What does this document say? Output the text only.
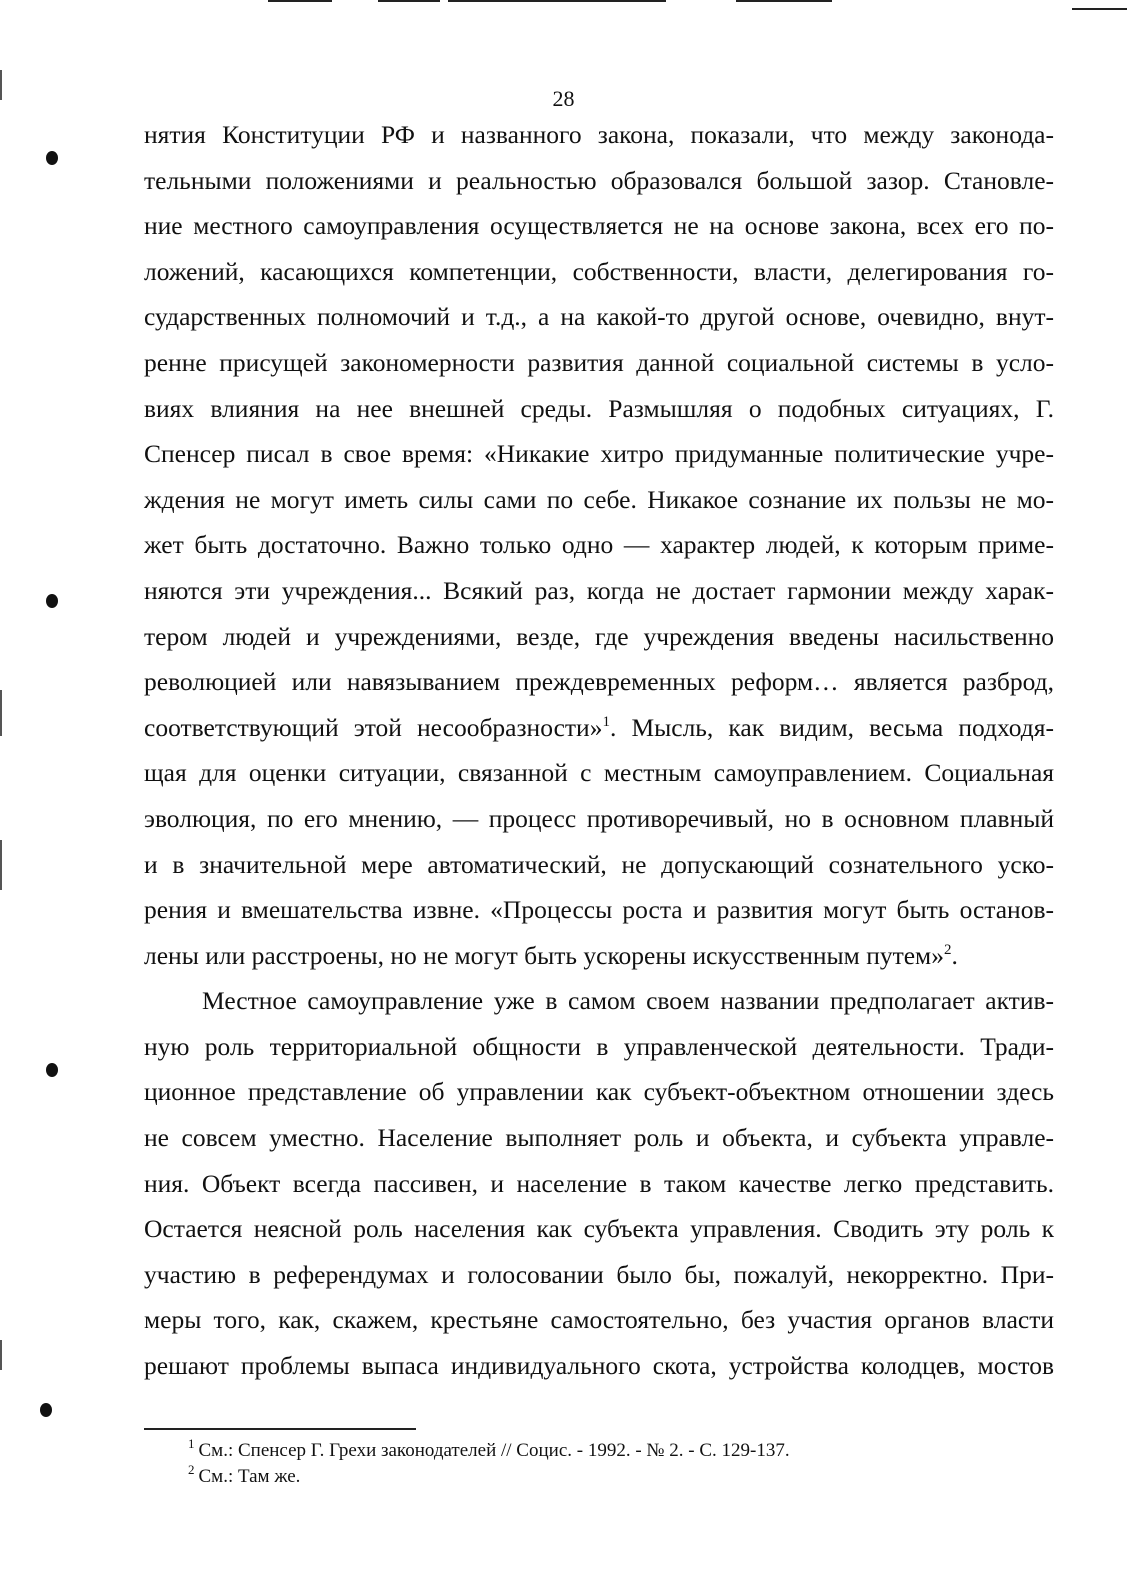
28
нятия Конституции РФ и названного закона, показали, что между законода-
тельными положениями и реальностью образовался большой зазор. Становле-
ние местного самоуправления осуществляется не на основе закона, всех его по-
ложений, касающихся компетенции, собственности, власти, делегирования го-
сударственных полномочий и т.д., а на какой-то другой основе, очевидно, внут-
ренне присущей закономерности развития данной социальной системы в усло-
виях влияния на нее внешней среды. Размышляя о подобных ситуациях, Г.
Спенсер писал в свое время: «Никакие хитро придуманные политические учре-
ждения не могут иметь силы сами по себе. Никакое сознание их пользы не мо-
жет быть достаточно. Важно только одно — характер людей, к которым приме-
няются эти учреждения... Всякий раз, когда не достает гармонии между харак-
тером людей и учреждениями, везде, где учреждения введены насильственно
революцией или навязыванием преждевременных реформ… является разброд,
соответствующий этой несообразности»$^1$. Мысль, как видим, весьма подходя-
щая для оценки ситуации, связанной с местным самоуправлением. Социальная
эволюция, по его мнению, — процесс противоречивый, но в основном плавный
и в значительной мере автоматический, не допускающий сознательного уско-
рения и вмешательства извне. «Процессы роста и развития могут быть останов-
лены или расстроены, но не могут быть ускорены искусственным путем»$^2$.
Местное самоуправление уже в самом своем названии предполагает актив-
ную роль территориальной общности в управленческой деятельности. Тради-
ционное представление об управлении как субъект-объектном отношении здесь
не совсем уместно. Население выполняет роль и объекта, и субъекта управле-
ния. Объект всегда пассивен, и население в таком качестве легко представить.
Остается неясной роль населения как субъекта управления. Сводить эту роль к
участию в референдумах и голосовании было бы, пожалуй, некорректно. При-
меры того, как, скажем, крестьяне самостоятельно, без участия органов власти
решают проблемы выпаса индивидуального скота, устройства колодцев, мостов
$^1$ См.: Спенсер Г. Грехи законодателей // Социс. - 1992. - № 2. - С. 129-137.
$^2$ См.: Там же.
